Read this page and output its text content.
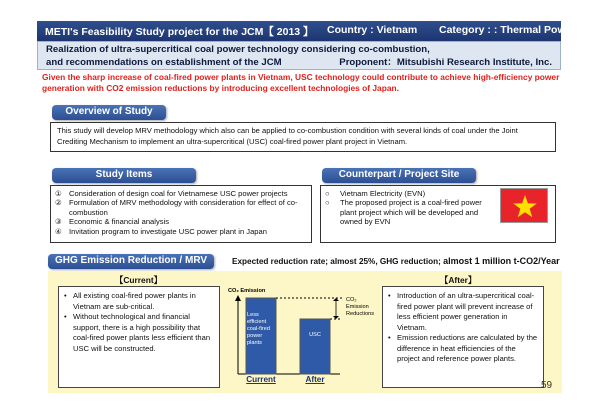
METI's Feasibility Study project for the JCM【 2013 】 Country : Vietnam Category : : Thermal Power
Realization of ultra-supercritical coal power technology considering co-combustion,
and recommendations on establishment of the JCM	Proponent：Mitsubishi Research Institute, Inc.
Given the sharp increase of coal-fired power plants in Vietnam, USC technology could contribute to achieve high-efficiency power generation with CO2 emission reductions by introducing excellent technologies of Japan.
Overview of Study
This study will develop MRV methodology which also can be applied to co-combustion condition with several kinds of coal under the Joint Crediting Mechanism to implement an ultra-supercritical (USC) coal-fired power plant project in Vietnam.
Study Items
① Consideration of design coal for Vietnamese USC power projects
② Formulation of MRV methodology with consideration for effect of co-combustion
③ Economic & financial analysis
④ Invitation program to investigate USC power plant in Japan
Counterpart / Project Site
○	Vietnam Electricity (EVN)
○	The proposed project is a coal-fired power plant project which will be developed and owned by EVN
GHG Emission Reduction / MRV	Expected reduction rate; almost 25%, GHG reduction; almost 1 million t-CO2/Year
【Current】	【After】
• All existing coal-fired power plants in Vietnam are sub-critical.
• Without technological and financial support, there is a high possibility that coal-fired power plants less efficient than USC will be constructed.
• Introduction of an ultra-supercritical coal-fired power plant will prevent increase of less efficient power generation in Vietnam.
• Emission reductions are calculated by the difference in heat efficiencies of the project and reference power plants.
CO₂ Emission
Less efficient coal-fired power plants
USC
CO₂ Emission Reductions
Current	After
59
